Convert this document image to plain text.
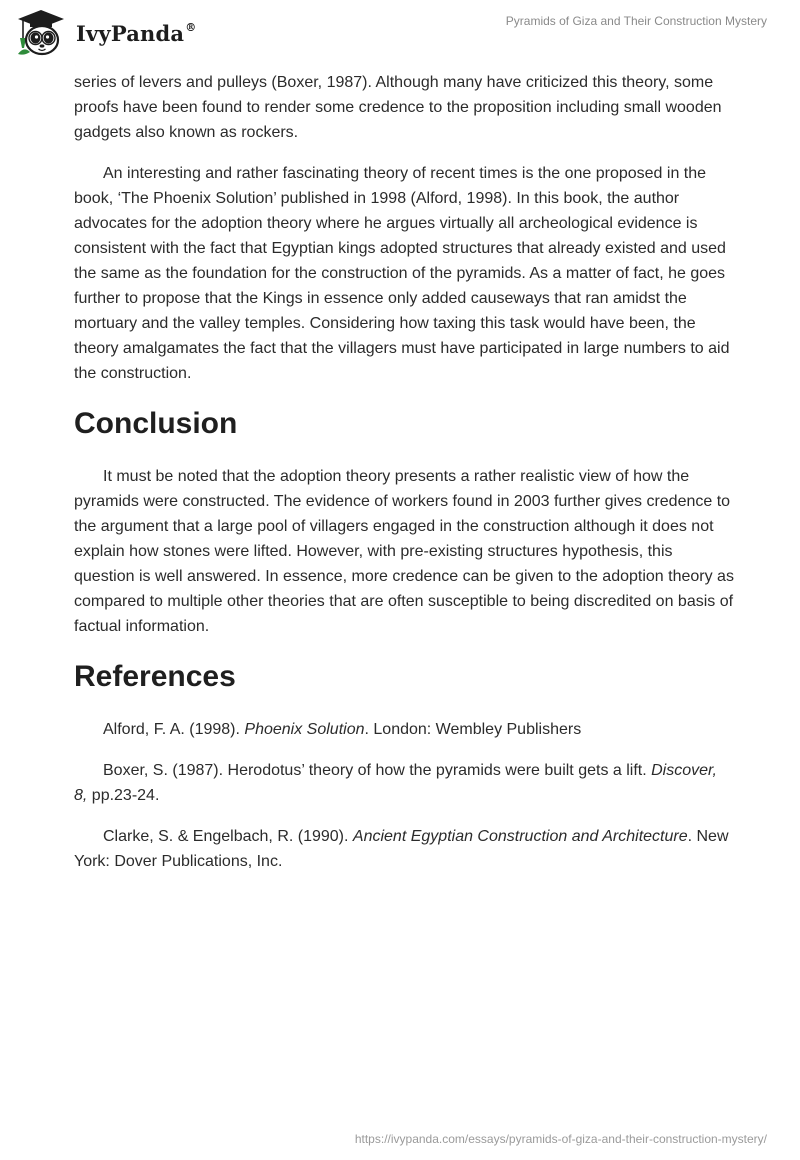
IvyPanda®	Pyramids of Giza and Their Construction Mystery

series of levers and pulleys (Boxer, 1987). Although many have criticized this theory, some proofs have been found to render some credence to the proposition including small wooden gadgets also known as rockers.

An interesting and rather fascinating theory of recent times is the one proposed in the book, ‘The Phoenix Solution’ published in 1998 (Alford, 1998). In this book, the author advocates for the adoption theory where he argues virtually all archeological evidence is consistent with the fact that Egyptian kings adopted structures that already existed and used the same as the foundation for the construction of the pyramids. As a matter of fact, he goes further to propose that the Kings in essence only added causeways that ran amidst the mortuary and the valley temples. Considering how taxing this task would have been, the theory amalgamates the fact that the villagers must have participated in large numbers to aid the construction.

Conclusion

It must be noted that the adoption theory presents a rather realistic view of how the pyramids were constructed. The evidence of workers found in 2003 further gives credence to the argument that a large pool of villagers engaged in the construction although it does not explain how stones were lifted. However, with pre-existing structures hypothesis, this question is well answered. In essence, more credence can be given to the adoption theory as compared to multiple other theories that are often susceptible to being discredited on basis of factual information.

References

Alford, F. A. (1998). Phoenix Solution. London: Wembley Publishers

Boxer, S. (1987). Herodotus’ theory of how the pyramids were built gets a lift. Discover, 8, pp.23-24.

Clarke, S. & Engelbach, R. (1990). Ancient Egyptian Construction and Architecture. New York: Dover Publications, Inc.

https://ivypanda.com/essays/pyramids-of-giza-and-their-construction-mystery/
